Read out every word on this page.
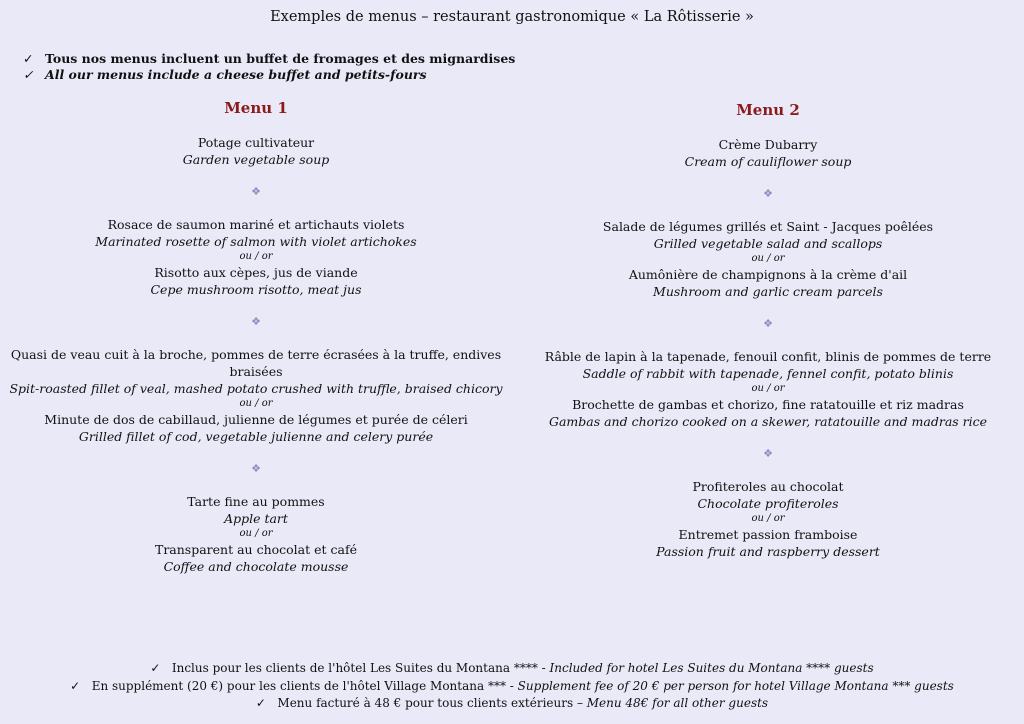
Exemples de menus – restaurant gastronomique « La Rôtisserie »
✓ Tous nos menus incluent un buffet de fromages et des mignardises
✓ All our menus include a cheese buffet and petits-fours
Menu 1
Potage cultivateur
Garden vegetable soup
❖
Rosace de saumon mariné et artichauts violets
Marinated rosette of salmon with violet artichokes
ou / or
Risotto aux cèpes, jus de viande
Cepe mushroom risotto, meat jus
❖
Quasi de veau cuit à la broche, pommes de terre écrasées à la truffe, endives braisées
Spit-roasted fillet of veal, mashed potato crushed with truffle, braised chicory
ou / or
Minute de dos de cabillaud, julienne de légumes et purée de céleri
Grilled fillet of cod, vegetable julienne and celery purée
❖
Tarte fine au pommes
Apple tart
ou / or
Transparent au chocolat et café
Coffee and chocolate mousse
Menu 2
Crème Dubarry
Cream of cauliflower soup
❖
Salade de légumes grillés et Saint - Jacques poêlées
Grilled vegetable salad and scallops
ou / or
Aumônière de champignons à la crème d'ail
Mushroom and garlic cream parcels
❖
Râble de lapin à la tapenade, fenouil confit, blinis de pommes de terre
Saddle of rabbit with tapenade, fennel confit, potato blinis
ou / or
Brochette de gambas et chorizo, fine ratatouille et riz madras
Gambas and chorizo cooked on a skewer, ratatouille and madras rice
❖
Profiteroles au chocolat
Chocolate profiteroles
ou / or
Entremet passion framboise
Passion fruit and raspberry dessert
✓ Inclus pour les clients de l'hôtel Les Suites du Montana **** - Included for hotel Les Suites du Montana **** guests
✓ En supplément (20 €) pour les clients de l'hôtel Village Montana *** - Supplement fee of 20 € per person for hotel Village Montana *** guests
✓ Menu facturé à 48 € pour tous clients extérieurs – Menu 48€ for all other guests
